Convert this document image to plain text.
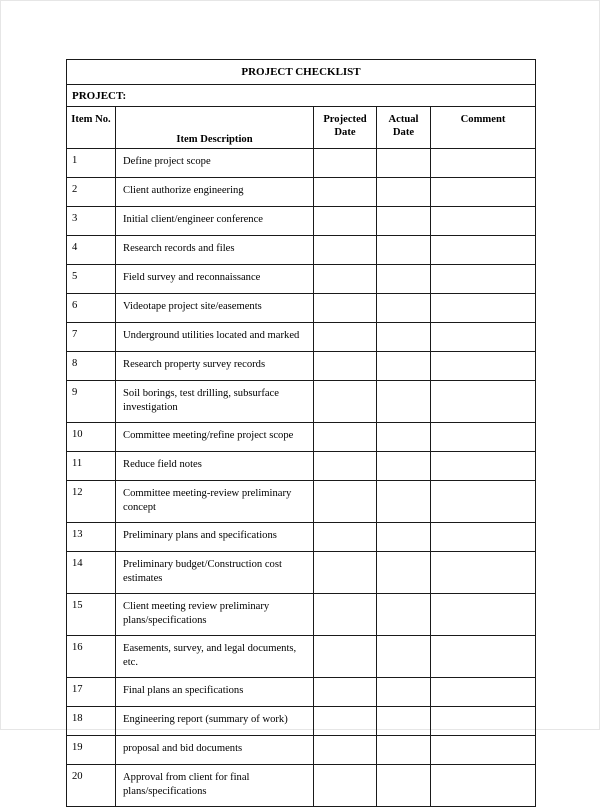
PROJECT CHECKLIST				
PROJECT:				
Item No.	Item Description	Projected Date	Actual Date	Comment
1	Define project scope			
2	Client authorize engineering			
3	Initial client/engineer conference			
4	Research records and files			
5	Field survey and reconnaissance			
6	Videotape project site/easements			
7	Underground utilities located and marked			
8	Research property survey records			
9	Soil borings, test drilling, subsurface investigation			
10	Committee meeting/refine project scope			
11	Reduce field notes			
12	Committee meeting-review preliminary concept			
13	Preliminary plans and specifications			
14	Preliminary budget/Construction cost estimates			
15	Client meeting review preliminary plans/specifications			
16	Easements, survey, and legal documents, etc.			
17	Final plans an specifications			
18	Engineering report (summary of work)			
19	proposal and bid documents			
20	Approval from client for final plans/specifications			
